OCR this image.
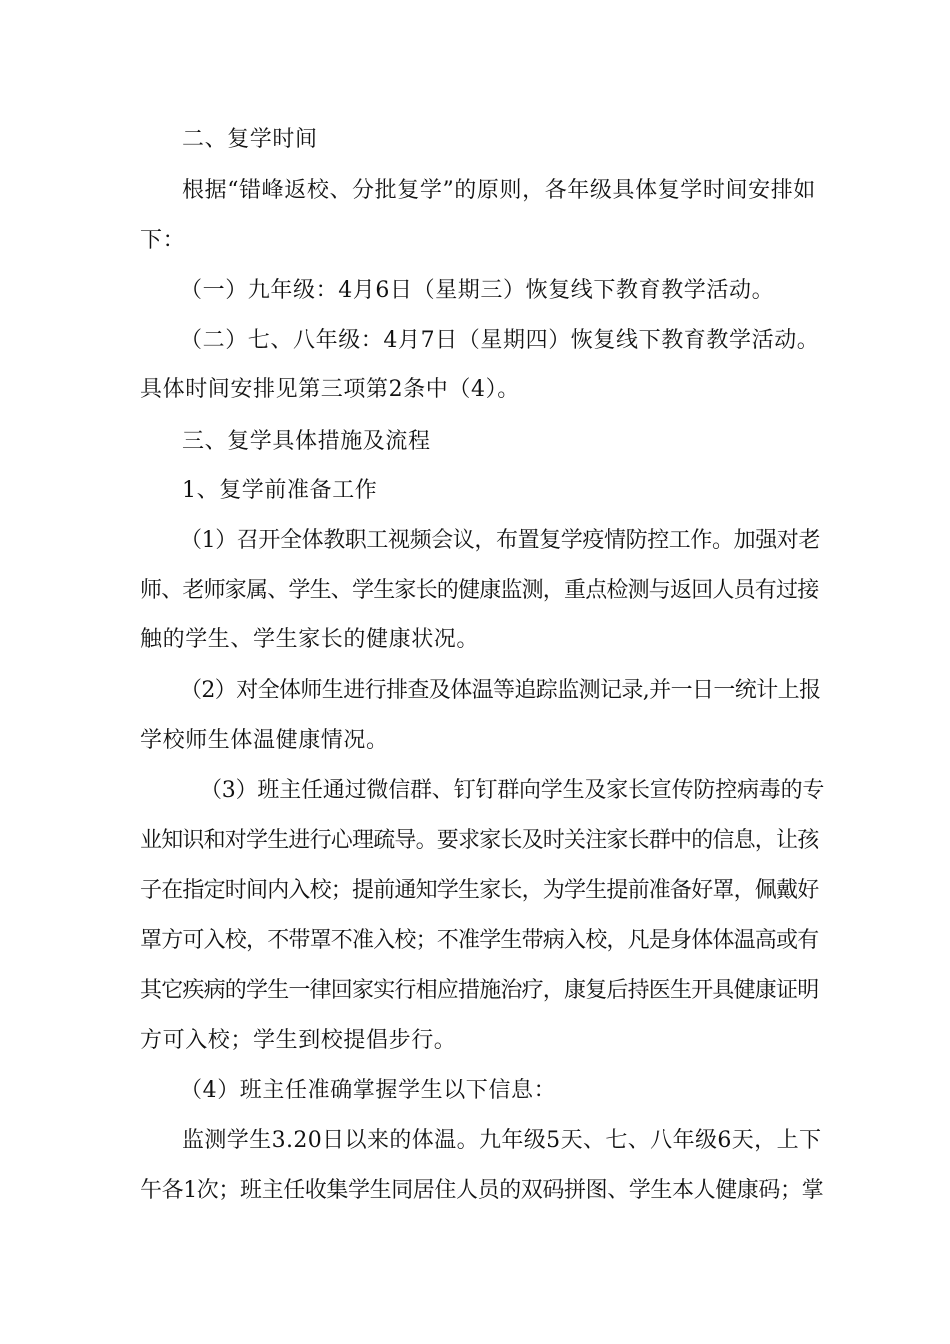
二、复学时间
根据“错峰返校、分批复学”的原则，各年级具体复学时间安排如
下：
（一）九年级：4月6日（星期三）恢复线下教育教学活动。
（二）七、八年级：4月7日（星期四）恢复线下教育教学活动。
具体时间安排见第三项第2条中（4）。
三、复学具体措施及流程
1、复学前准备工作
（1）召开全体教职工视频会议，布置复学疫情防控工作。加强对老
师、老师家属、学生、学生家长的健康监测，重点检测与返回人员有过接
触的学生、学生家长的健康状况。
（2）对全体师生进行排查及体温等追踪监测记录,并一日一统计上报
学校师生体温健康情况。
（3）班主任通过微信群、钉钉群向学生及家长宣传防控病毒的专
业知识和对学生进行心理疏导。要求家长及时关注家长群中的信息，让孩
子在指定时间内入校；提前通知学生家长，为学生提前准备好罩，佩戴好
罩方可入校，不带罩不准入校；不准学生带病入校，凡是身体体温高或有
其它疾病的学生一律回家实行相应措施治疗，康复后持医生开具健康证明
方可入校；学生到校提倡步行。
（4）班主任准确掌握学生以下信息：
监测学生3.20日以来的体温。九年级5天、七、八年级6天，上下
午各1次；班主任收集学生同居住人员的双码拼图、学生本人健康码；掌
